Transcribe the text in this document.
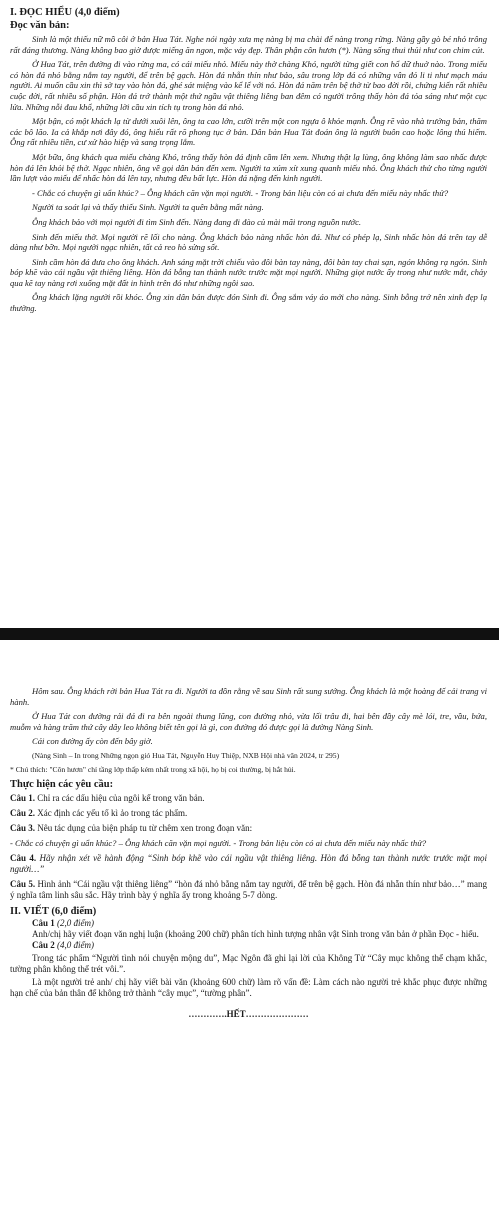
I. ĐỌC HIỂU (4,0 điểm)
Đọc văn bản:

Sinh là một thiếu nữ mồ côi ở bản Hua Tát. Nghe nói ngày xưa mẹ nàng bị ma chài để nàng trong rừng. Nàng gầy gò bé nhỏ trông rất đáng thương. Nàng không bao giờ được miếng ăn ngon, mặc váy đẹp. Thân phận côn hươn (*). Nàng sống thui thủi như con chim cút.

Ở Hua Tát, trên đường đi vào rừng ma, có cái miếu nhỏ. Miếu này thờ chàng Khó, người từng giết con hổ dữ thuở nào. Trong miếu có hòn đá nhỏ bằng nắm tay người, để trên bệ gạch. Hòn đá nhẵn thín như bảo, sâu trong lớp đá có những vân đỏ li ti như mạch máu người. Ai muốn cầu xin thì sờ tay vào hòn đá, ghé sát miệng vào kể lể với nó. Hòn đá năm trên bệ thờ từ bao đời rồi, chứng kiến rất nhiều cuộc đời, rất nhiều số phận. Hòn đá trở thành một thứ ngầu vật thiêng liêng ban đêm có người trông thấy hòn đá tỏa sáng như một cục lửa. Những nỗi đau khổ, những lời cầu xin tích tụ trong hòn đá nhỏ.

Một bận, có một khách lạ từ dưới xuôi lên, ông ta cao lớn, cưỡi trên một con ngựa ô khỏe mạnh. Ông rẽ vào nhà trưởng bản, thăm các bô lão. Ia cả khắp nơi đây đó, ông hiểu rất rõ phong tục ở bản. Dân bản Hua Tát đoán ông là người buôn cao hoặc lông thú hiếm. Ông rất nhiều tiền, cư xử hào hiệp và sang trọng lắm.

Một bữa, ông khách qua miếu chàng Khó, trông thấy hòn đá định cầm lên xem. Nhưng thật lạ lùng, ông không làm sao nhấc được hòn đá lên khỏi bệ thờ. Ngạc nhiên, ông về gọi dân bản đến xem. Người ta xúm xít xung quanh miếu nhỏ. Ông khách thử cho từng người lần lượt vào miếu để nhấc hòn đá lên tay, nhưng đều bất lực. Hòn đá nặng đến kinh người.

- Chắc có chuyện gì uẩn khúc? – Ông khách căn vặn mọi người. - Trong bản liệu còn có ai chưa đến miếu này nhấc thử?

Người ta soát lại và thấy thiếu Sinh. Người ta quên bằng mất nàng.

Ông khách bảo với mọi người đi tìm Sinh đến. Nàng đang đi đào củ mài mãi trong nguồn nước.

Sinh đến miếu thờ. Mọi người rẽ lối cho nàng. Ông khách bảo nàng nhấc hòn đá. Như có phép lạ, Sinh nhấc hòn đá trên tay dễ dàng như bỡn. Mọi người ngạc nhiên, tất cả reo hò sửng sốt.

Sinh cầm hòn đá đưa cho ông khách. Anh sáng mặt trời chiếu vào đôi bàn tay nàng, đôi bàn tay chai sạn, ngón không rạ ngón. Sinh bóp khẽ vào cái ngầu vật thiêng liêng. Hòn đá bỗng tan thành nước trước mặt mọi người. Những giọt nước ấy trong như nước mắt, chảy qua kẽ tay nàng rơi xuống mặt đất in hình trên đó như những ngôi sao.

Ông khách lặng người rồi khóc. Ông xin dân bản được đón Sinh đi. Ông sắm váy áo mới cho nàng. Sinh bỗng trở nên xinh đẹp lạ thường.

Hôm sau. Ông khách rời bản Hua Tát ra đi. Người ta đồn rằng về sau Sinh rất sung sướng. Ông khách là một hoàng đế cải trang vi hành.

Ở Hua Tát con đường rải đá đi ra bên ngoài thung lũng, con đường nhỏ, vừa lối trâu đi, hai bên đầy cây mè lói, tre, vầu, bứa, muỗm và hàng trăm thứ cây dây leo không biết tên gọi là gì, con đường đó được gọi là đường Nàng Sinh.

Cái con đường ấy còn đến bây giờ.

(Nàng Sinh – In trong Những ngọn gió Hua Tát, Nguyễn Huy Thiệp, NXB Hội nhà văn 2024, tr 295)

* Chú thích: "Côn hươn" chỉ tầng lớp thấp kém nhất trong xã hội, họ bị coi thường, bị hắt hủi.

Thực hiện các yêu cầu:

Câu 1. Chỉ ra các dấu hiệu của ngôi kể trong văn bản.

Câu 2. Xác định các yếu tố kì ảo trong tác phẩm.

Câu 3. Nêu tác dụng của biện pháp tu từ chêm xen trong đoạn văn:

- Chắc có chuyện gì uẩn khúc? – Ông khách căn vặn mọi người. - Trong bản liệu còn có ai chưa đến miếu này nhấc thử?

Câu 4. Hãy nhận xét về hành động “Sinh bóp khẽ vào cái ngầu vật thiêng liêng. Hòn đá bỗng tan thành nước trước mặt mọi người…”

Câu 5. Hình ảnh “Cái ngầu vật thiêng liêng” “hòn đá nhỏ bằng nắm tay người, để trên bệ gạch. Hòn đá nhẵn thín như bảo…” mang ý nghĩa tâm linh sâu sắc. Hãy trình bày ý nghĩa ấy trong khoảng 5-7 dòng.

II. VIẾT (6,0 điểm)

Câu 1 (2,0 điểm)

Anh/chị hãy viết đoạn văn nghị luận (khoảng 200 chữ) phân tích hình tượng nhân vật Sinh trong văn bản ở phần Đọc - hiểu.

Câu 2 (4,0 điểm)

Trong tác phẩm “Người tình nói chuyện mộng du”, Mạc Ngôn đã ghi lại lời của Không Tử “Cây mục không thể chạm khắc, tường phân không thể trét vôi.”.

Là một người trẻ anh/ chị hãy viết bài văn (khoảng 600 chữ) làm rõ vấn đề: Làm cách nào người trẻ khắc phục được những hạn chế của bản thân để không trở thành “cây mục”, “tường phân”.

………….HẾT…………………
